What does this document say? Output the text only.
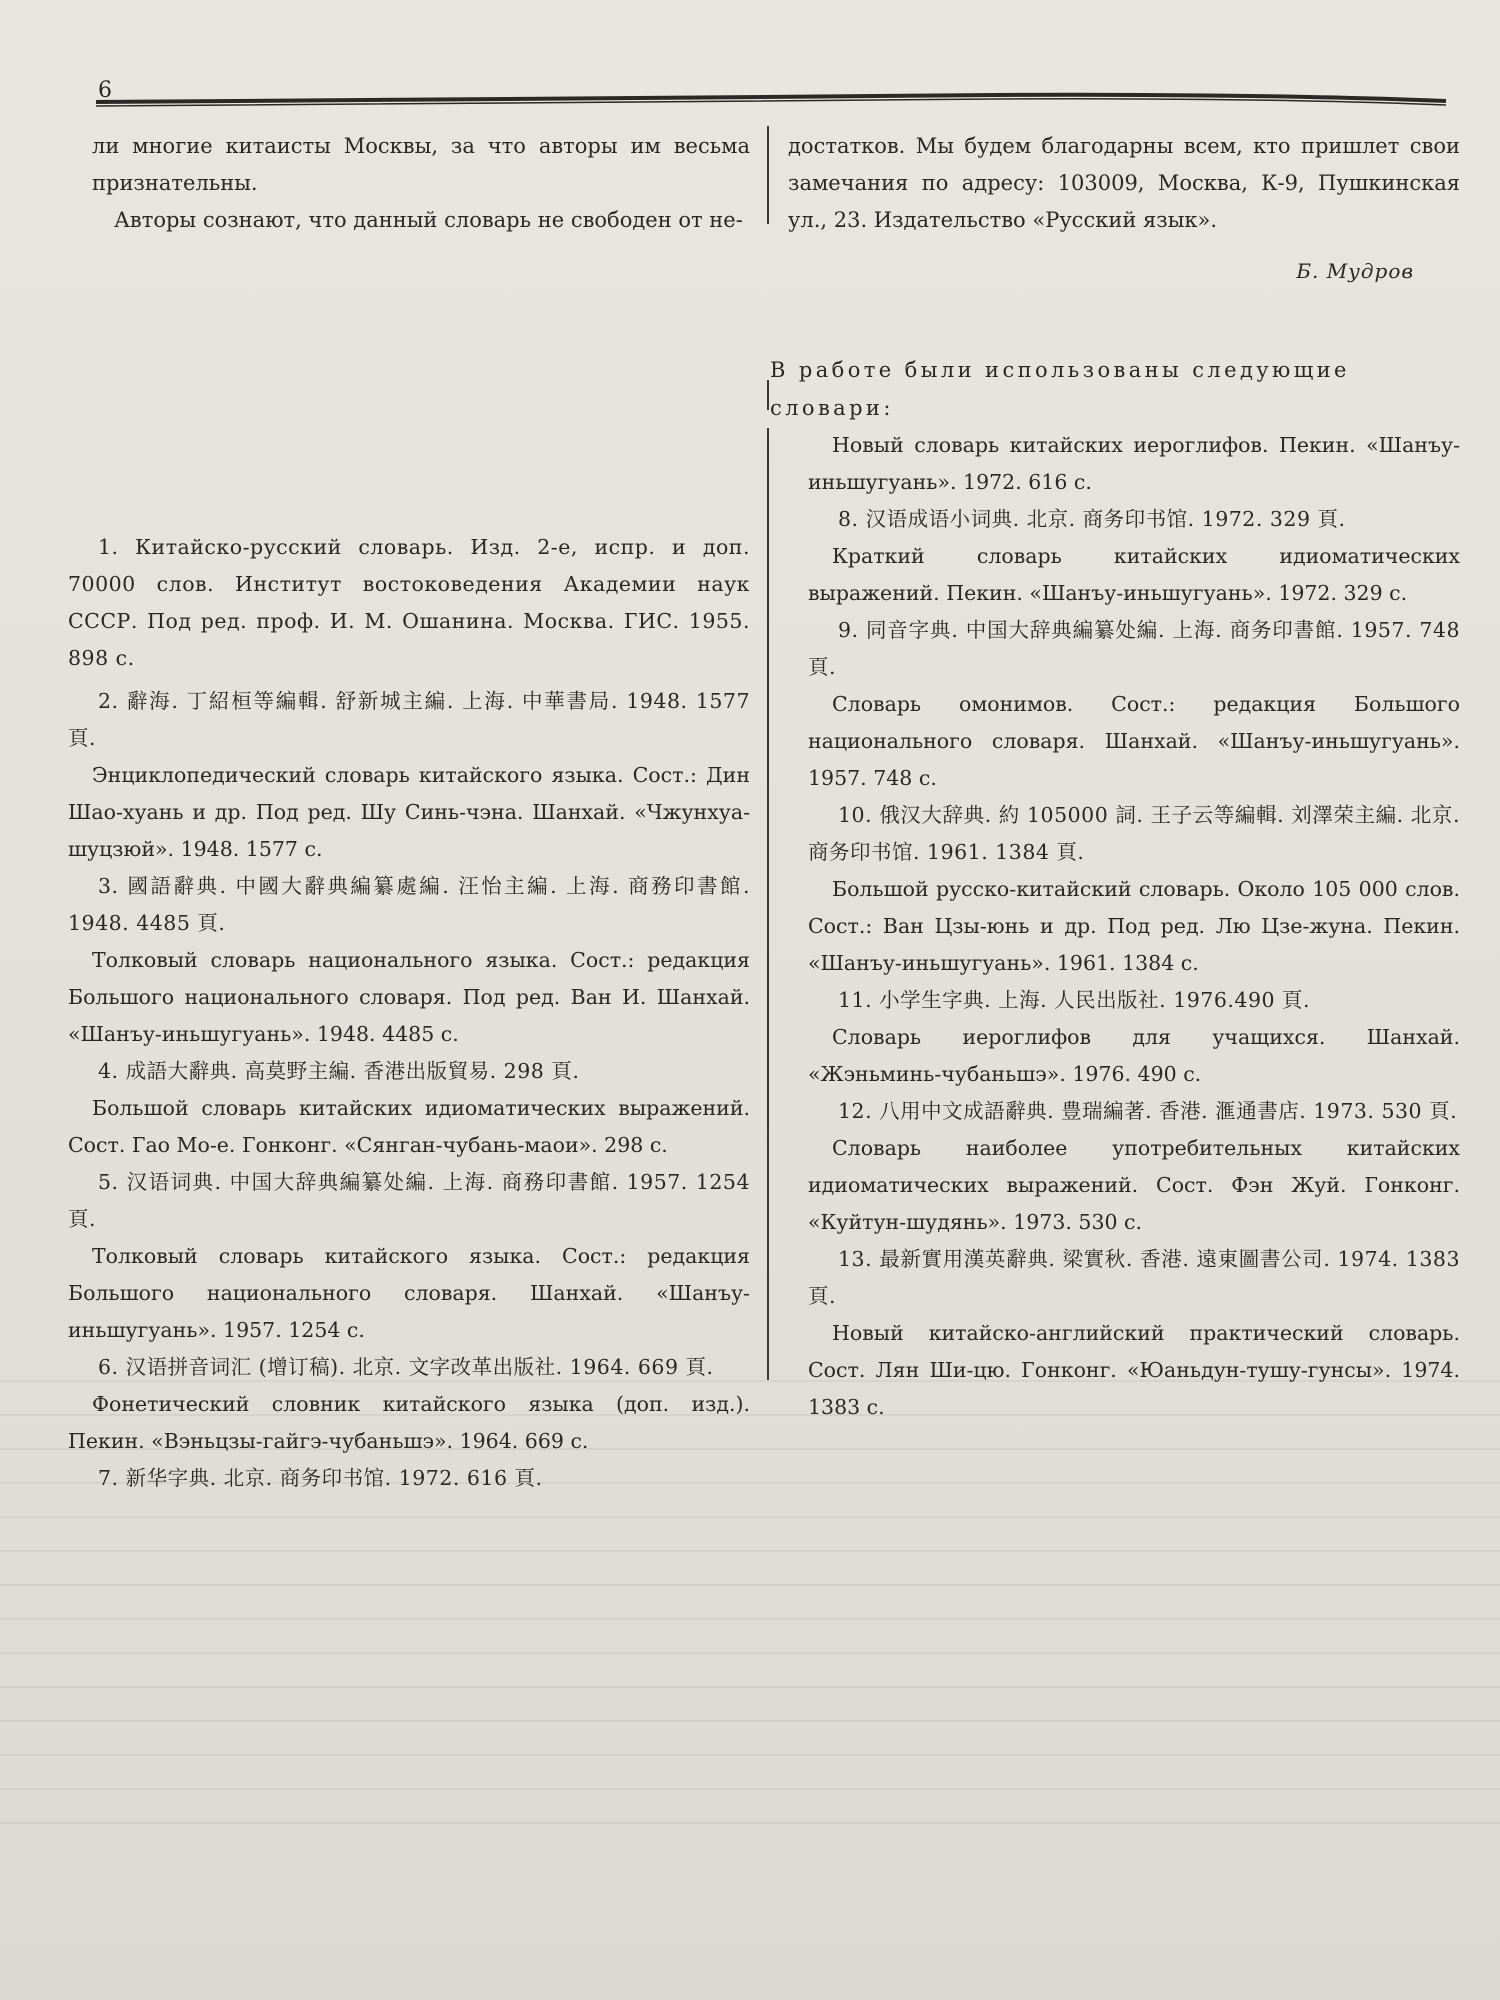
6

ли многие китаисты Москвы, за что авторы им весьма признательны.

Авторы сознают, что данный словарь не свободен от не-

1. Китайско-русский словарь. Изд. 2-е, испр. и доп. 70000 слов. Институт востоковедения Академии наук СССР. Под ред. проф. И. М. Ошанина. Москва. ГИС. 1955. 898 с.
2. 辭海. 丁紹桓等編輯. 舒新城主編. 上海. 中華書局. 1948. 1577 頁.
Энциклопедический словарь китайского языка. Сост.: Дин Шао-хуань и др. Под ред. Шу Синь-чэна. Шанхай. «Чжунхуа-шуцзюй». 1948. 1577 с.
3. 國語辭典. 中國大辭典編纂處編. 汪怡主編. 上海. 商務印書館. 1948. 4485 頁.
Толковый словарь национального языка. Сост.: редакция Большого национального словаря. Под ред. Ван И. Шанхай. «Шанъу-иньшугуань». 1948. 4485 с.
4. 成語大辭典. 高莫野主編. 香港出版貿易. 298 頁.
Большой словарь китайских идиоматических выражений. Сост. Гао Мо-е. Гонконг. «Сянган-чубань-маои». 298 с.
5. 汉语词典. 中国大辞典編纂处編. 上海. 商務印書館. 1957. 1254 頁.
Толковый словарь китайского языка. Сост.: редакция Большого национального словаря. Шанхай. «Шанъу-иньшугуань». 1957. 1254 с.
6. 汉语拼音词汇 (增订稿). 北京. 文字改革出版社. 1964. 669 頁.
Фонетический словник китайского языка (доп. изд.). Пекин. «Вэньцзы-гайгэ-чубаньшэ». 1964. 669 с.
7. 新华字典. 北京. 商务印书馆. 1972. 616 頁.
достатков. Мы будем благодарны всем, кто пришлет свои замечания по адресу: 103009, Москва, К-9, Пушкинская ул., 23. Издательство «Русский язык».
Б. Мудров
В работе были использованы следующие словари:
Новый словарь китайских иероглифов. Пекин. «Шанъу-иньшугуань». 1972. 616 с.
8. 汉语成语小词典. 北京. 商务印书馆. 1972. 329 頁.
Краткий словарь китайских идиоматических выражений. Пекин. «Шанъу-иньшугуань». 1972. 329 с.
9. 同音字典. 中国大辞典編纂处編. 上海. 商务印書館. 1957. 748 頁.
Словарь омонимов. Сост.: редакция Большого национального словаря. Шанхай. «Шанъу-иньшугуань». 1957. 748 с.
10. 俄汉大辞典. 約 105000 詞. 王子云等編輯. 刘澤荣主編. 北京. 商务印书馆. 1961. 1384 頁.
Большой русско-китайский словарь. Около 105 000 слов. Сост.: Ван Цзы-юнь и др. Под ред. Лю Цзе-жуна. Пекин. «Шанъу-иньшугуань». 1961. 1384 с.
11. 小学生字典. 上海. 人民出版社. 1976.490 頁.
Словарь иероглифов для учащихся. Шанхай. «Жэньминь-чубаньшэ». 1976. 490 с.
12. 八用中文成語辭典. 豊瑞編著. 香港. 滙通書店. 1973. 530 頁.
Словарь наиболее употребительных китайских идиоматических выражений. Сост. Фэн Жуй. Гонконг. «Куйтун-шудянь». 1973. 530 с.
13. 最新實用漢英辭典. 梁實秋. 香港. 遠東圖書公司. 1974. 1383 頁.
Новый китайско-английский практический словарь. Сост. Лян Ши-цю. Гонконг. «Юаньдун-тушу-гунсы». 1974. 1383 с.
